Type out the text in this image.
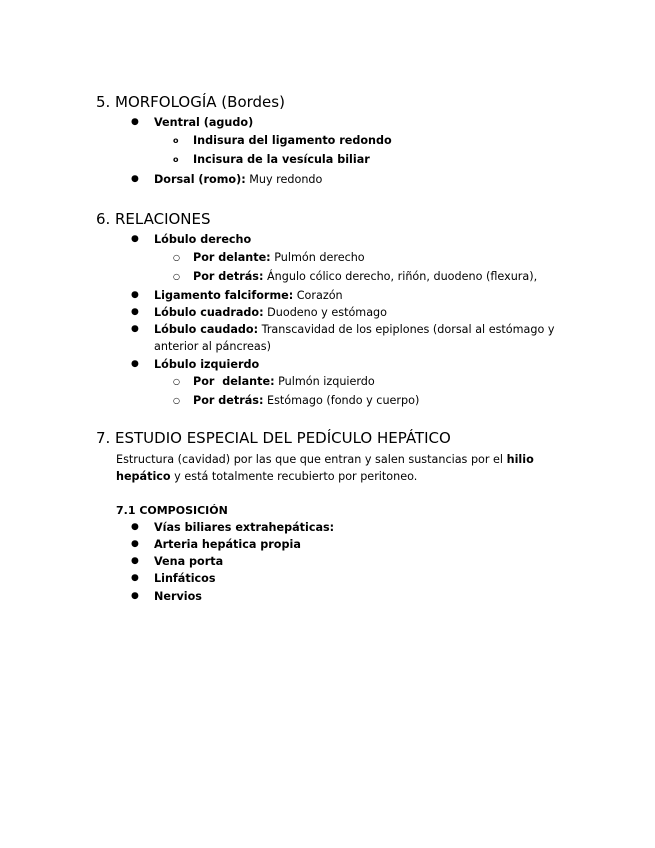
5. MORFOLOGÍA (Bordes)
● Ventral (agudo)
o Indisura del ligamento redondo
o Incisura de la vesícula biliar
● Dorsal (romo): Muy redondo
6. RELACIONES
● Lóbulo derecho
○ Por delante: Pulmón derecho
○ Por detrás: Ángulo cólico derecho, riñón, duodeno (flexura),
● Ligamento falciforme: Corazón
● Lóbulo cuadrado: Duodeno y estómago
● Lóbulo caudado: Transcavidad de los epiplones (dorsal al estómago y
anterior al páncreas)
● Lóbulo izquierdo
○ Por  delante: Pulmón izquierdo
○ Por detrás: Estómago (fondo y cuerpo)
7. ESTUDIO ESPECIAL DEL PEDÍCULO HEPÁTICO
Estructura (cavidad) por las que que entran y salen sustancias por el hilio
hepático y está totalmente recubierto por peritoneo.
7.1 COMPOSICIÓN
● Vías biliares extrahepáticas:
● Arteria hepática propia
● Vena porta
● Linfáticos
● Nervios
